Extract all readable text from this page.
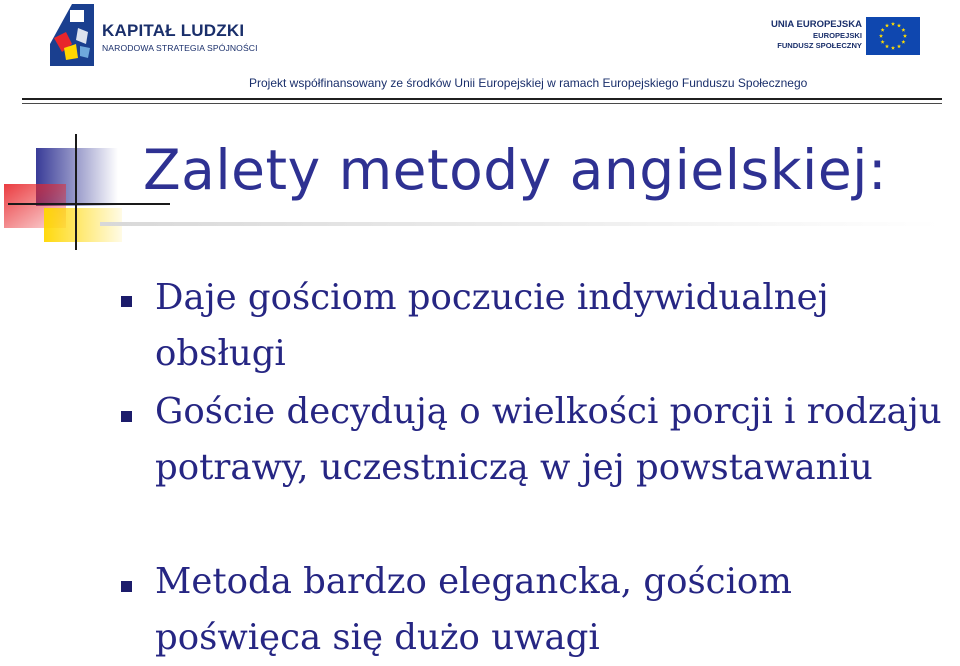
KAPITAŁ LUDZKI
NARODOWA STRATEGIA SPÓJNOŚCI
UNIA EUROPEJSKA
EUROPEJSKI
FUNDUSZ SPOŁECZNY
Projekt współfinansowany ze środków Unii Europejskiej w ramach Europejskiego Funduszu Społecznego
Zalety metody angielskiej:

Daje gościom poczucie indywidualnej obsługi

Goście decydują o wielkości porcji i rodzaju potrawy, uczestniczą w jej powstawaniu

Metoda bardzo elegancka, gościom poświęca się dużo uwagi
